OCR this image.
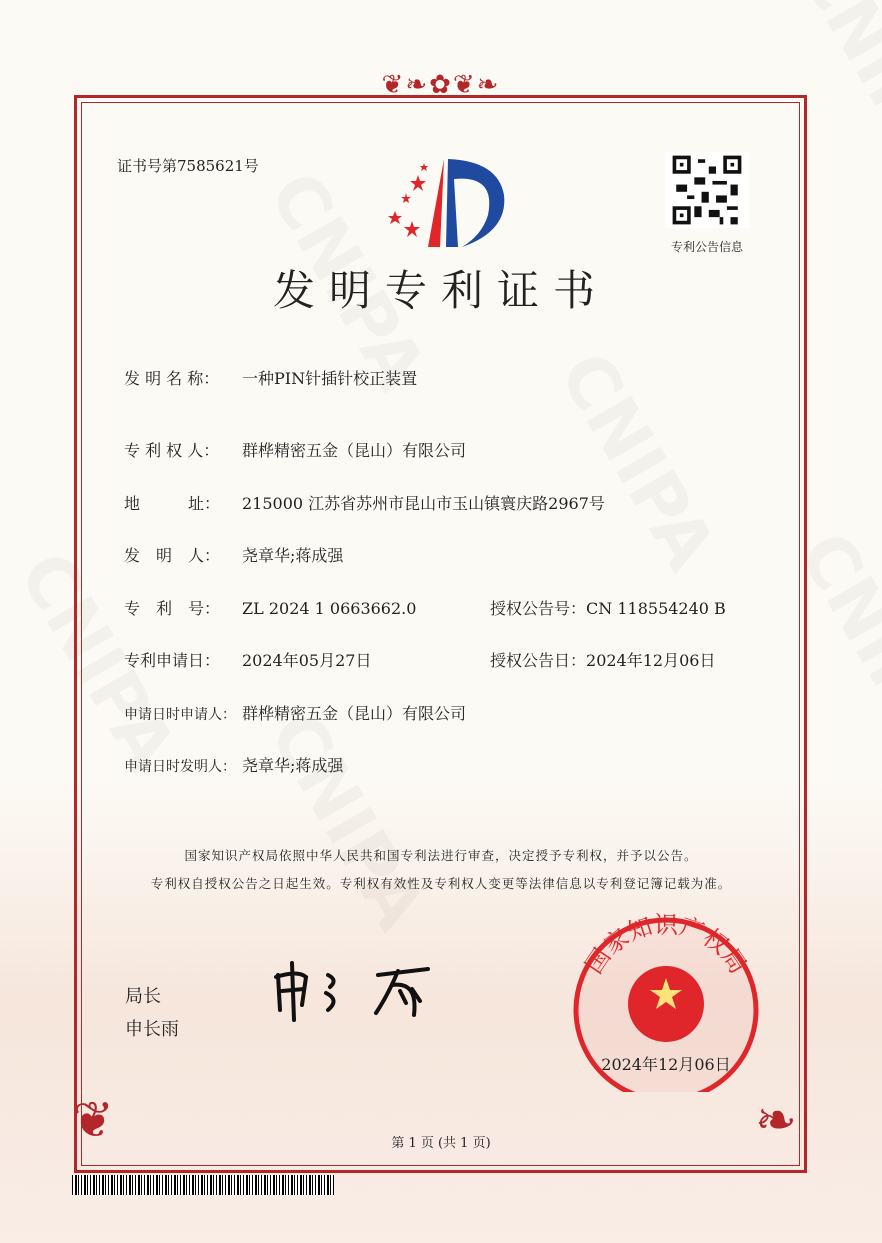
❦❧✿❦❧
❦	❧
证书号第7585621号
专利公告信息
发明专利证书
发 明 名 称： 一种PIN针插针校正装置
专 利 权 人： 群桦精密五金（昆山）有限公司
地　　　址： 215000 江苏省苏州市昆山市玉山镇寰庆路2967号
发　明　人： 尧章华;蒋成强
专　利　号： ZL 2024 1 0663662.0	授权公告号：CN 118554240 B
专利申请日： 2024年05月27日	授权公告日：2024年12月06日
申请日时申请人： 群桦精密五金（昆山）有限公司
申请日时发明人： 尧章华;蒋成强
国家知识产权局依照中华人民共和国专利法进行审查，决定授予专利权，并予以公告。
专利权自授权公告之日起生效。专利权有效性及专利权人变更等法律信息以专利登记簿记载为准。
局长
申长雨
国家知识产权局
2024年12月06日
第 1 页 (共 1 页)
